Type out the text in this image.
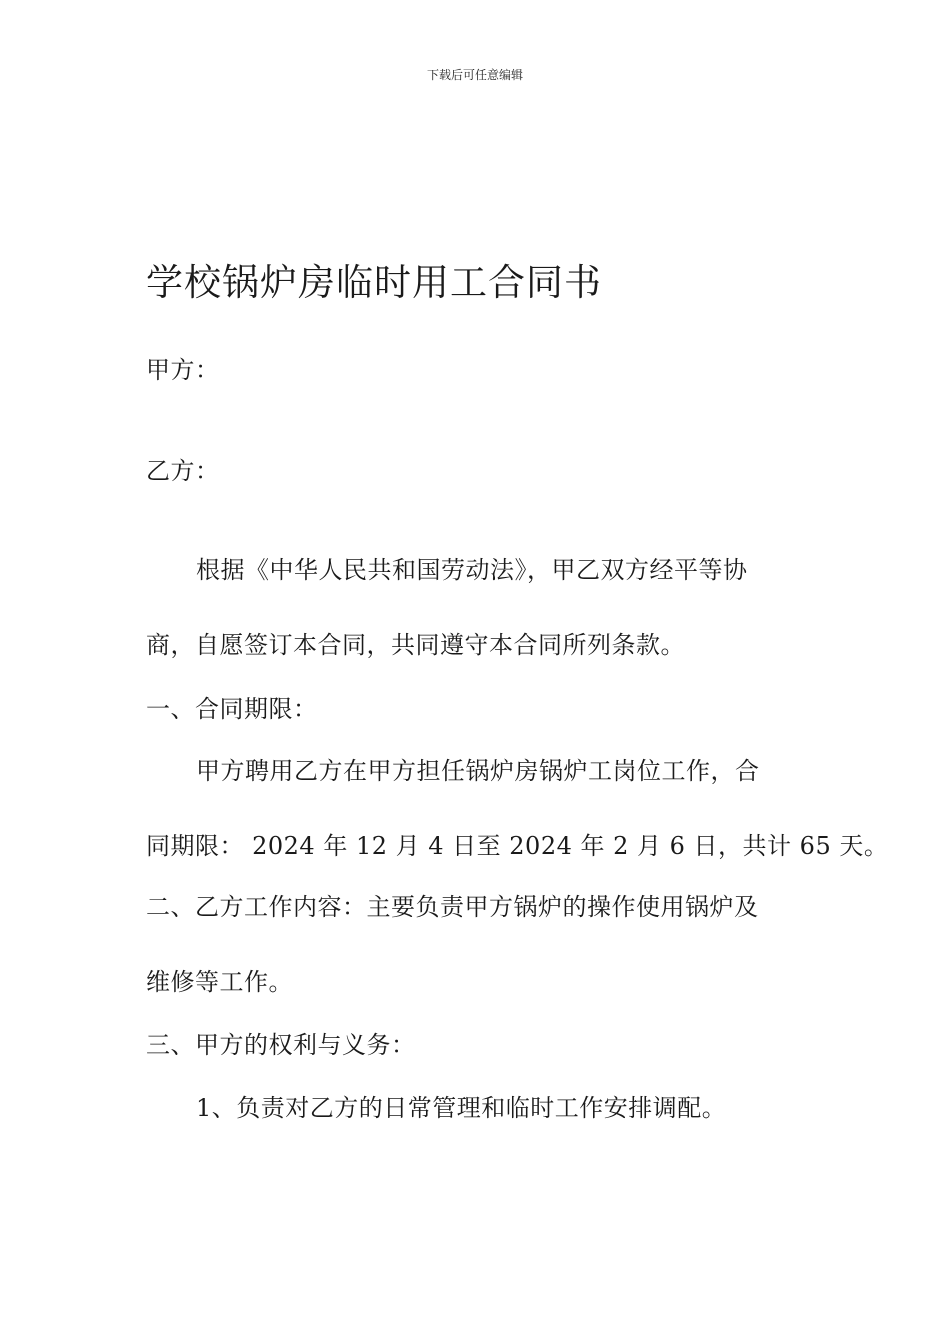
下载后可任意编辑
学校锅炉房临时用工合同书
甲方：
乙方：
根据《中华人民共和国劳动法》，甲乙双方经平等协
商，自愿签订本合同，共同遵守本合同所列条款。
一、合同期限：
甲方聘用乙方在甲方担任锅炉房锅炉工岗位工作，合
同期限： 2024 年 12 月 4 日至 2024 年 2 月 6 日，共计 65 天。
二、乙方工作内容：主要负责甲方锅炉的操作使用锅炉及
维修等工作。
三、甲方的权利与义务：
1、负责对乙方的日常管理和临时工作安排调配。
